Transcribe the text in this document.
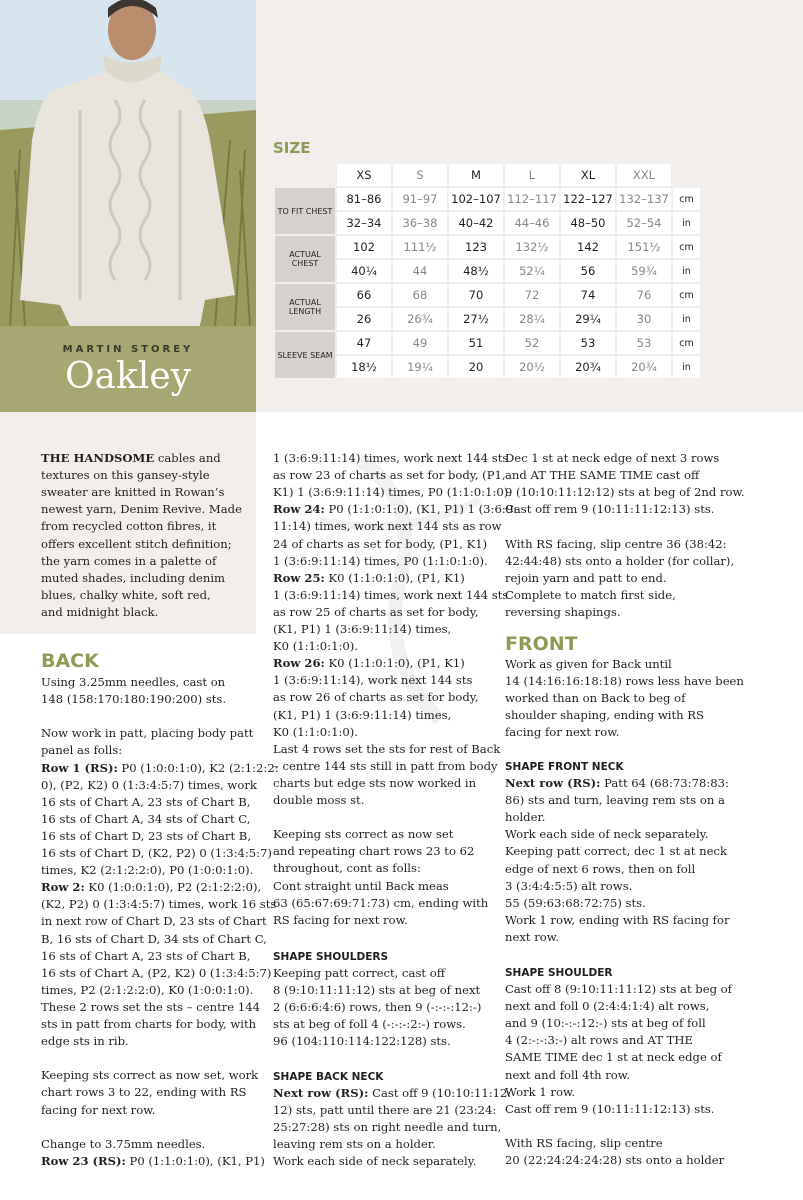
MARTIN STOREY
Oakley
SIZE
	XS	S	M	L	XL	XXL	
TO FIT CHEST	81–86	91–97	102–107	112–117	122–127	132–137	cm
	32–34	36–38	40–42	44–46	48–50	52–54	in
ACTUAL CHEST	102	111½	123	132½	142	151½	cm
	40¼	44	48½	52¼	56	59¾	in
ACTUAL LENGTH	66	68	70	72	74	76	cm
	26	26¾	27½	28¼	29¼	30	in
SLEEVE SEAM	47	49	51	52	53	53	cm
	18½	19¼	20	20½	20¾	20¾	in
THE HANDSOME cables and
textures on this gansey-style
sweater are knitted in Rowan’s
newest yarn, Denim Revive. Made
from recycled cotton fibres, it
offers excellent stitch definition;
the yarn comes in a palette of
muted shades, including denim
blues, chalky white, soft red,
and midnight black.
BACK
Using 3.25mm needles, cast on
148 (158:170:180:190:200) sts.
Now work in patt, placing body patt
panel as folls:
Row 1 (RS): P0 (1:0:0:1:0), K2 (2:1:2:2:
0), (P2, K2) 0 (1:3:4:5:7) times, work
16 sts of Chart A, 23 sts of Chart B,
16 sts of Chart A, 34 sts of Chart C,
16 sts of Chart D, 23 sts of Chart B,
16 sts of Chart D, (K2, P2) 0 (1:3:4:5:7)
times, K2 (2:1:2:2:0), P0 (1:0:0:1:0).
Row 2: K0 (1:0:0:1:0), P2 (2:1:2:2:0),
(K2, P2) 0 (1:3:4:5:7) times, work 16 sts
in next row of Chart D, 23 sts of Chart
B, 16 sts of Chart D, 34 sts of Chart C,
16 sts of Chart A, 23 sts of Chart B,
16 sts of Chart A, (P2, K2) 0 (1:3:4:5:7)
times, P2 (2:1:2:2:0), K0 (1:0:0:1:0).
These 2 rows set the sts – centre 144
sts in patt from charts for body, with
edge sts in rib.
Keeping sts correct as now set, work
chart rows 3 to 22, ending with RS
facing for next row.
Change to 3.75mm needles.
Row 23 (RS): P0 (1:1:0:1:0), (K1, P1)
1 (3:6:9:11:14) times, work next 144 sts
as row 23 of charts as set for body, (P1,
K1) 1 (3:6:9:11:14) times, P0 (1:1:0:1:0).
Row 24: P0 (1:1:0:1:0), (K1, P1) 1 (3:6:9:
11:14) times, work next 144 sts as row
24 of charts as set for body, (P1, K1)
1 (3:6:9:11:14) times, P0 (1:1:0:1:0).
Row 25: K0 (1:1:0:1:0), (P1, K1)
1 (3:6:9:11:14) times, work next 144 sts
as row 25 of charts as set for body,
(K1, P1) 1 (3:6:9:11:14) times,
K0 (1:1:0:1:0).
Row 26: K0 (1:1:0:1:0), (P1, K1)
1 (3:6:9:11:14), work next 144 sts
as row 26 of charts as set for body,
(K1, P1) 1 (3:6:9:11:14) times,
K0 (1:1:0:1:0).
Last 4 rows set the sts for rest of Back
– centre 144 sts still in patt from body
charts but edge sts now worked in
double moss st.
Keeping sts correct as now set
and repeating chart rows 23 to 62
throughout, cont as folls:
Cont straight until Back meas
63 (65:67:69:71:73) cm, ending with
RS facing for next row.
SHAPE SHOULDERS
Keeping patt correct, cast off
8 (9:10:11:11:12) sts at beg of next
2 (6:6:6:4:6) rows, then 9 (-:-:-:12:-)
sts at beg of foll 4 (-:-:-:2:-) rows.
96 (104:110:114:122:128) sts.
SHAPE BACK NECK
Next row (RS): Cast off 9 (10:10:11:12:
12) sts, patt until there are 21 (23:24:
25:27:28) sts on right needle and turn,
leaving rem sts on a holder.
Work each side of neck separately.
Dec 1 st at neck edge of next 3 rows
and AT THE SAME TIME cast off
9 (10:10:11:12:12) sts at beg of 2nd row.
Cast off rem 9 (10:11:11:12:13) sts.
With RS facing, slip centre 36 (38:42:
42:44:48) sts onto a holder (for collar),
rejoin yarn and patt to end.
Complete to match first side,
reversing shapings.
FRONT
Work as given for Back until
14 (14:16:16:18:18) rows less have been
worked than on Back to beg of
shoulder shaping, ending with RS
facing for next row.
SHAPE FRONT NECK
Next row (RS): Patt 64 (68:73:78:83:
86) sts and turn, leaving rem sts on a
holder.
Work each side of neck separately.
Keeping patt correct, dec 1 st at neck
edge of next 6 rows, then on foll
3 (3:4:4:5:5) alt rows.
55 (59:63:68:72:75) sts.
Work 1 row, ending with RS facing for
next row.
SHAPE SHOULDER
Cast off 8 (9:10:11:11:12) sts at beg of
next and foll 0 (2:4:4:1:4) alt rows,
and 9 (10:-:-:12:-) sts at beg of foll
4 (2:-:-:3:-) alt rows and AT THE
SAME TIME dec 1 st at neck edge of
next and foll 4th row.
Work 1 row.
Cast off rem 9 (10:11:11:12:13) sts.
With RS facing, slip centre
20 (22:24:24:24:28) sts onto a holder
